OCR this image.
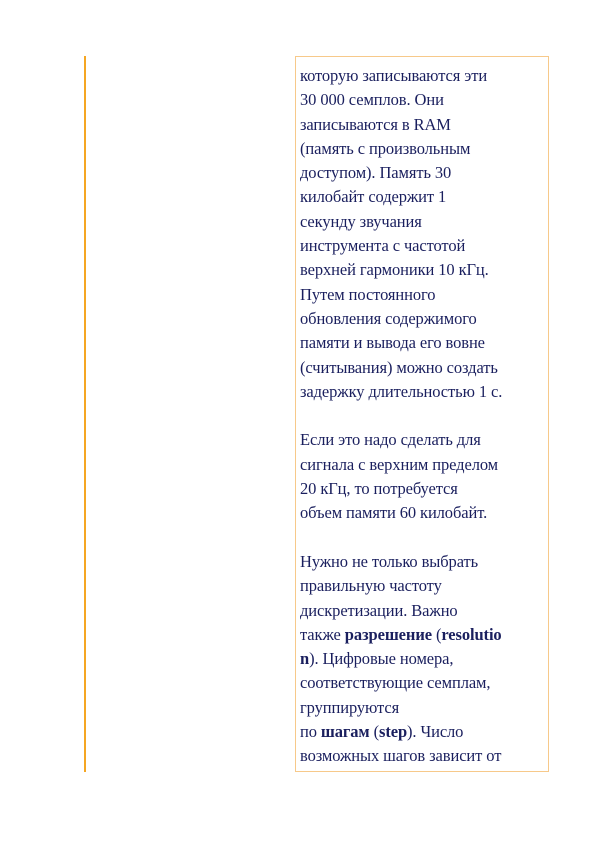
которую записываются эти
30 000 семплов. Они
записываются в RAM
(память с произвольным
доступом). Память 30
килобайт содержит 1
секунду звучания
инструмента с частотой
верхней гармоники 10 кГц.
Путем постоянного
обновления содержимого
памяти и вывода его вовне
(считывания) можно создать
задержку длительностью 1 с.

Если это надо сделать для
сигнала с верхним пределом
20 кГц, то потребуется
объем памяти 60 килобайт.

Нужно не только выбрать
правильную частоту
дискретизации. Важно
также разрешение (resolutio
n). Цифровые номера,
соответствующие семплам,
группируются
по шагам (step). Число
возможных шагов зависит от
